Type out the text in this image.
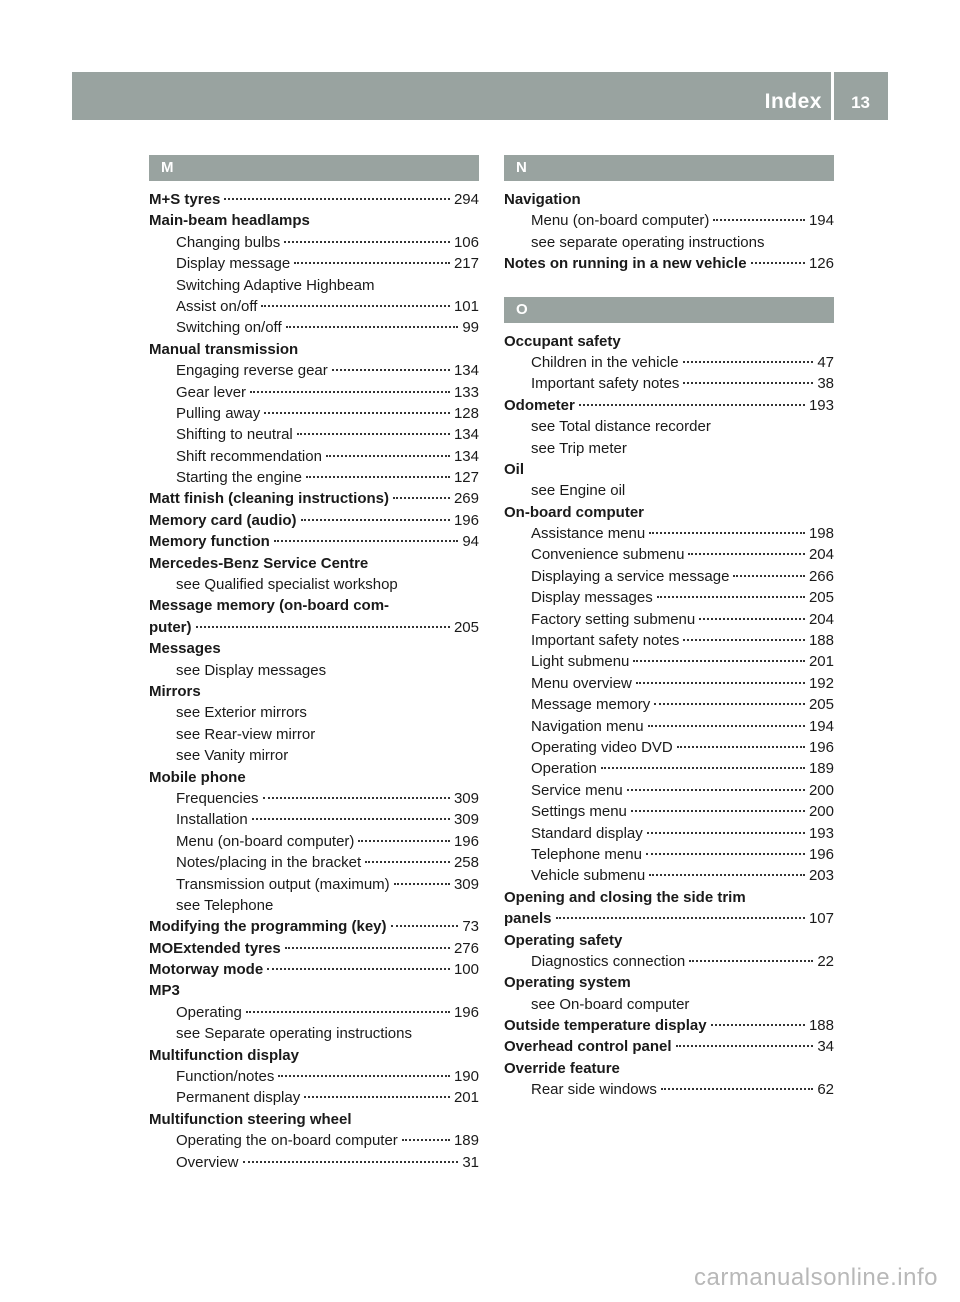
Index 13
M
M+S tyres	294
Main-beam headlamps
Changing bulbs	106
Display message	217
Switching Adaptive Highbeam
Assist on/off	101
Switching on/off	99
Manual transmission
Engaging reverse gear	134
Gear lever	133
Pulling away	128
Shifting to neutral	134
Shift recommendation	134
Starting the engine	127
Matt finish (cleaning instructions)	269
Memory card (audio)	196
Memory function	94
Mercedes-Benz Service Centre
see Qualified specialist workshop
Message memory (on-board com-
puter)	205
Messages
see Display messages
Mirrors
see Exterior mirrors
see Rear-view mirror
see Vanity mirror
Mobile phone
Frequencies	309
Installation	309
Menu (on-board computer)	196
Notes/placing in the bracket	258
Transmission output (maximum)	309
see Telephone
Modifying the programming (key)	73
MOExtended tyres	276
Motorway mode	100
MP3
Operating	196
see Separate operating instructions
Multifunction display
Function/notes	190
Permanent display	201
Multifunction steering wheel
Operating the on-board computer	189
Overview	31
N
Navigation
Menu (on-board computer)	194
see separate operating instructions
Notes on running in a new vehicle	126
O
Occupant safety
Children in the vehicle	47
Important safety notes	38
Odometer	193
see Total distance recorder
see Trip meter
Oil
see Engine oil
On-board computer
Assistance menu	198
Convenience submenu	204
Displaying a service message	266
Display messages	205
Factory setting submenu	204
Important safety notes	188
Light submenu	201
Menu overview	192
Message memory	205
Navigation menu	194
Operating video DVD	196
Operation	189
Service menu	200
Settings menu	200
Standard display	193
Telephone menu	196
Vehicle submenu	203
Opening and closing the side trim
panels	107
Operating safety
Diagnostics connection	22
Operating system
see On-board computer
Outside temperature display	188
Overhead control panel	34
Override feature
Rear side windows	62
carmanualsonline.info
